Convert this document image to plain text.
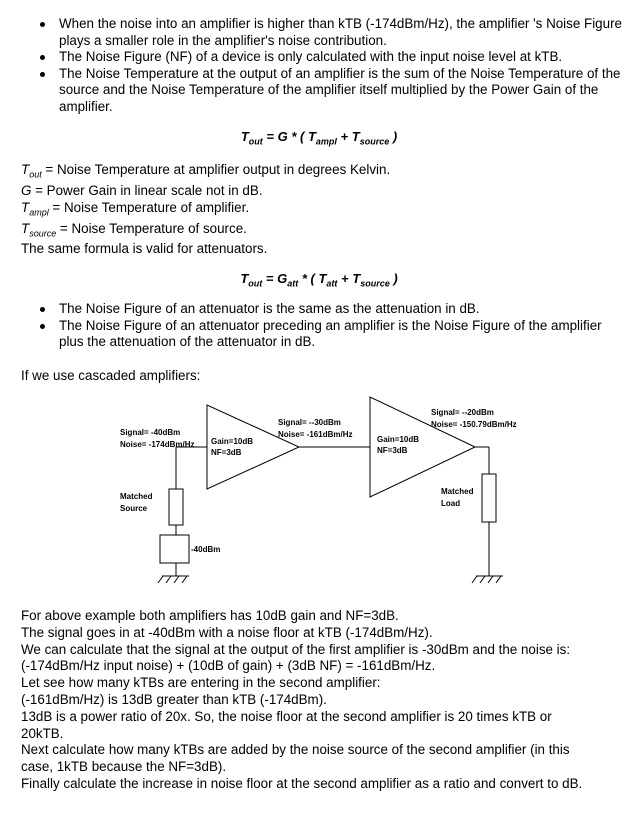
When the noise into an amplifier is higher than kTB (-174dBm/Hz), the amplifier 's Noise Figure plays a smaller role in the amplifier's noise contribution.
The Noise Figure (NF) of a device is only calculated with the input noise level at kTB.
The Noise Temperature at the output of an amplifier is the sum of the Noise Temperature of the source and the Noise Temperature of the amplifier itself multiplied by the Power Gain of the amplifier.
$T_{out} = G$ * ( $T_{ampl} + T_{source}$ )
$T_{out}$ = Noise Temperature at amplifier output in degrees Kelvin.
G = Power Gain in linear scale not in dB.
$T_{ampl}$ = Noise Temperature of amplifier.
$T_{source}$ = Noise Temperature of source.
The same formula is valid for attenuators.
$T_{out} = G_{att}$ * ( $T_{att} + T_{source}$ )
The Noise Figure of an attenuator is the same as the attenuation in dB.
The Noise Figure of an attenuator preceding an amplifier is the Noise Figure of the amplifier plus the attenuation of the attenuator in dB.
If we use cascaded amplifiers:
Signal= -40dBm
Noise= -174dBm/Hz Gain=10dB
NF=3dB
Signal= --30dBm
Noise= -161dBm/Hz
Gain=10dB
NF=3dB
Signal= --20dBm
Noise= -150.79dBm/Hz
Matched
Source
Matched
Load
-40dBm
For above example both amplifiers has 10dB gain and NF=3dB.
The signal goes in at -40dBm with a noise floor at kTB (-174dBm/Hz).
We can calculate that the signal at the output of the first amplifier is -30dBm and the noise is:
(-174dBm/Hz input noise) + (10dB of gain) + (3dB NF) = -161dBm/Hz.
Let see how many kTBs are entering in the second amplifier:
(-161dBm/Hz) is 13dB greater than kTB (-174dBm).
13dB is a power ratio of 20x. So, the noise floor at the second amplifier is 20 times kTB or
20kTB.
Next calculate how many kTBs are added by the noise source of the second amplifier (in this
case, 1kTB because the NF=3dB).
Finally calculate the increase in noise floor at the second amplifier as a ratio and convert to dB.
